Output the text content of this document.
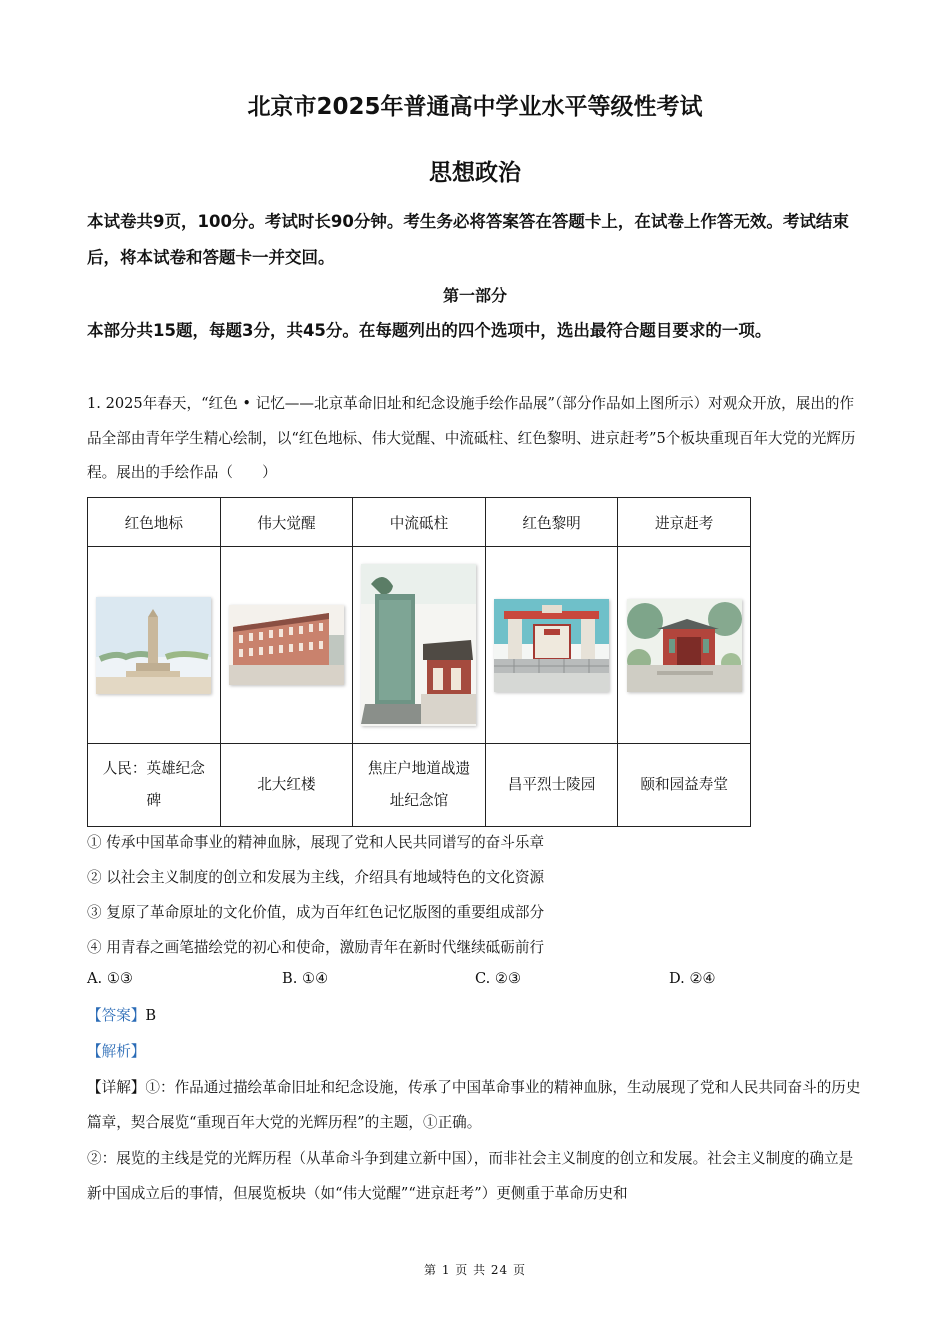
北京市2025年普通高中学业水平等级性考试
思想政治
本试卷共9页，100分。考试时长90分钟。考生务必将答案答在答题卡上，在试卷上作答无效。考试结束后，将本试卷和答题卡一并交回。
第一部分
本部分共15题，每题3分，共45分。在每题列出的四个选项中，选出最符合题目要求的一项。
1. 2025年春天，“红色 • 记忆——北京革命旧址和纪念设施手绘作品展”（部分作品如上图所示）对观众开放，展出的作品全部由青年学生精心绘制，以“红色地标、伟大觉醒、中流砥柱、红色黎明、进京赶考”5个板块重现百年大党的光辉历程。展出的手绘作品（　　）
红色地标	伟大觉醒	中流砥柱	红色黎明	进京赶考

人民：英雄纪念碑	北大红楼	焦庄户地道战遗址纪念馆	昌平烈士陵园	颐和园益寿堂
① 传承中国革命事业的精神血脉，展现了党和人民共同谱写的奋斗乐章
② 以社会主义制度的创立和发展为主线，介绍具有地域特色的文化资源
③ 复原了革命原址的文化价值，成为百年红色记忆版图的重要组成部分
④ 用青春之画笔描绘党的初心和使命，激励青年在新时代继续砥砺前行
A. ①③	B. ①④	C. ②③	D. ②④
【答案】B
【解析】
【详解】①：作品通过描绘革命旧址和纪念设施，传承了中国革命事业的精神血脉，生动展现了党和人民共同奋斗的历史篇章，契合展览“重现百年大党的光辉历程”的主题，①正确。
②：展览的主线是党的光辉历程（从革命斗争到建立新中国），而非社会主义制度的创立和发展。社会主义制度的确立是新中国成立后的事情，但展览板块（如“伟大觉醒”“进京赶考”）更侧重于革命历史和
第 1 页 共 24 页
